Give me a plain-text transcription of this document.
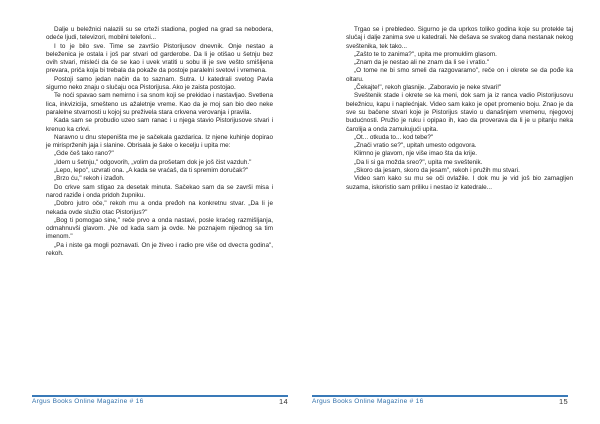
Dalje u beležnici nalazili su se crteži stadiona, pogled na grad sa neboderа, odeće ljudi, televizori, mobilni telefoni...

I to je bilo sve. Time se završio Pistorijusov dnevnik. Onje nestao a beleženica je ostala i još par stvari od garderobe. Da li je otišao u šetnju bez ovih stvari, misleći da će se kao i uvek vratiti u sobu ili je sve veštо smišljena prevara, priča koja bi trebala da pokaže da postoje paralelni svetovi i vremena.

Postoji samo jedan način da to saznam. Sutra. U katedrali svetog Pavla sigurno neko znaju o slučaju oca Pistorijusa. Ako je zaista postojao.

Te noći spavao sam nemirno i sa snom koji se prekidao i nastavljao. Svetlena lica, inkvizicija, smešteno us ažaletnje vreme. Kao da je moj san bio deo neke paralelne stvarnosti u kojoj su preživela stara crkvena verovanja i pravila.

Kada sam se probudio uzeo sam ranac i u njega stavio Pistorijusove stvari i krenuo ka crkvi.

Naravno u dnu stepeništa me je sačekala gazdarica. Iz njene kuhinje dopirao je mirisprženih jaja i slanine. Obrisala je šake o kecelju i upita me:

„Gde češ tako rano?"

„Idem u šetnju," odgovorih, „volim da prošetam dok je još čist vazduh."

„Lepo, lepo", uzvrati ona. „A kada se vraćaš, da ti spremim doručak?"

„Brzo ću," rekoh i izađoh.

Do crkve sam stigao za desetak minuta. Sačekao sam da se završi misa i narod raziđe i onda pridoh župniku.

„Dobro jutro oče," rekoh mu a onda pređoh na konkretnu stvar. „Da li je nekada ovde služio otac Pistorijus?"

„Bog ti pomogao sine," reče prvo a onda nastavi, posle kraćeg razmišljanja, odmahnuvši glavom. „Ne od kada sam ja ovde. Ne poznajem nijednog sa tim imenom."

„Pa i niste ga mogli poznavati. On je živeo i radio pre više od dveста godina", rekoh.

Argus Books Online Magazine # 16	14

Trgao se i prebledeo. Sigurno je da uprkos toliko godina koje su protekle taj slučaj i dalje zanima sve u katedrali. Ne dešava se svakog dana nestanak nekog sveštenika, tek tako...

„Zašto te to zanima?", upita me promuklim glasom.

„Znam da je nestao ali ne znam da li se i vratio."

„O tome ne bi smo smeli da razgovaramo", reče on i okrete se da pođe ka oltaru.

„Čekajte!", rekoh glasnije. „Zaboravio je neke stvari!"

Sveštenik stade i okrete se ka meni, dok sam ja iz ranca vadio Pistorijusovu beležnicu, kapu i naplećnjak. Video sam kako je opet promenio boju. Znao je da sve su bačene stvari koje je Pistorijus stavio u današnjem vremenu, njegovoj budućnosti. Pružio je ruku i opipao ih, kao da proverava da li je u pitanju neka čarolija a onda zamukujući upita.

„Ot... otkuda to... kod tebe?"

„Znači vratio se?", upitah umesto odgovora.

Klimno je glavom, nje više imao šta da krije.

„Da li si ga možda sreo?", upita me sveštenik.

„Skoro da jesam, skoro da jesam", rekoh i pružih mu stvari.

Video sam kako su mu se oči ovlažile. I dok mu je vid još bio zamagljen suzama, iskoristio sam priliku i nestao iz katedrale...

Argus Books Online Magazine # 16	15
